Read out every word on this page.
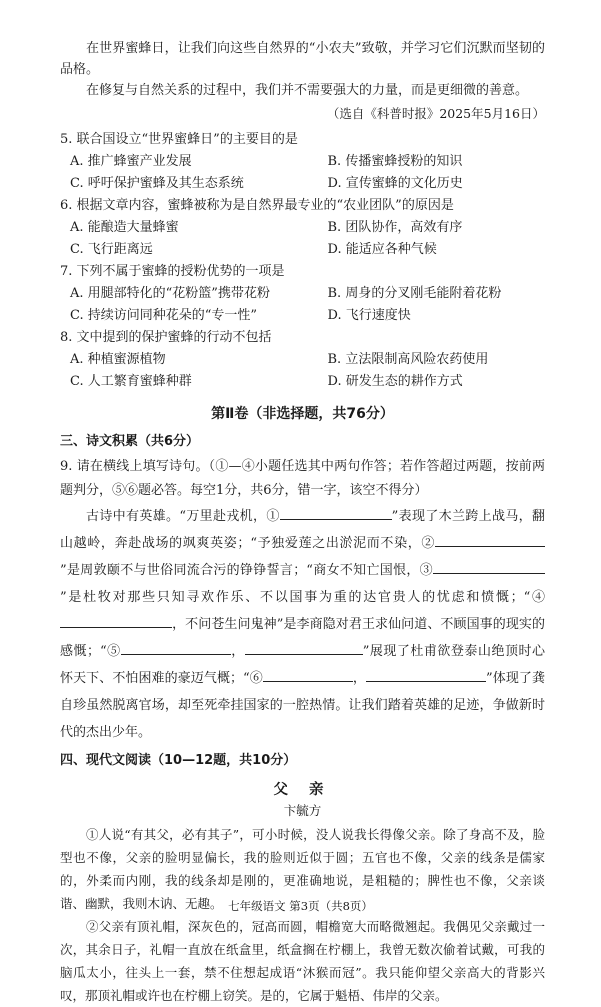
在世界蜜蜂日，让我们向这些自然界的“小农夫”致敬，并学习它们沉默而坚韧的品格。

在修复与自然关系的过程中，我们并不需要强大的力量，而是更细微的善意。

（选自《科普时报》2025年5月16日）

5. 联合国设立“世界蜜蜂日”的主要目的是

A. 推广蜂蜜产业发展	B. 传播蜜蜂授粉的知识
C. 呼吁保护蜜蜂及其生态系统	D. 宣传蜜蜂的文化历史

6. 根据文章内容，蜜蜂被称为是自然界最专业的“农业团队”的原因是

A. 能酿造大量蜂蜜	B. 团队协作，高效有序
C. 飞行距离远	D. 能适应各种气候

7. 下列不属于蜜蜂的授粉优势的一项是

A. 用腿部特化的“花粉篮”携带花粉	B. 周身的分叉刚毛能附着花粉
C. 持续访问同种花朵的“专一性”	D. 飞行速度快

8. 文中提到的保护蜜蜂的行动不包括

A. 种植蜜源植物	B. 立法限制高风险农药使用
C. 人工繁育蜜蜂种群	D. 研发生态的耕作方式
第Ⅱ卷（非选择题，共76分）
三、诗文积累（共6分）

9. 请在横线上填写诗句。（①—④小题任选其中两句作答；若作答超过两题，按前两题判分，⑤⑥题必答。每空1分，共6分，错一字，该空不得分）

古诗中有英雄。“万里赴戎机，①	”表现了木兰跨上战马，翻山越岭，奔赴战场的飒爽英姿；“予独爱莲之出淤泥而不染，②”是周敦颐不与世俗同流合污的铮铮誓言；“商女不知亡国恨，③”是杜牧对那些只知寻欢作乐、不以国事为重的达官贵人的忧虑和愤慨；“④，不问苍生问鬼神”是李商隐对君王求仙问道、不顾国事的现实的感慨；“⑤	，	”展现了杜甫欲登泰山绝顶时心怀天下、不怕困难的豪迈气概；“⑥	，	”体现了龚自珍虽然脱离官场，却至死牵挂国家的一腔热情。让我们踏着英雄的足迹，争做新时代的杰出少年。

四、现代文阅读（10—12题，共10分）
父 亲
卞毓方

①人说“有其父，必有其子”，可小时候，没人说我长得像父亲。除了身高不及，脸型也不像，父亲的脸明显偏长，我的脸则近似于圆；五官也不像，父亲的线条是儒家的，外柔而内刚，我的线条却是刚的，更准确地说，是粗糙的；脾性也不像，父亲谈谐、幽默，我则木讷、无趣。

②父亲有顶礼帽，深灰色的，冠高而圆，帽檐宽大而略微翘起。我偶见父亲戴过一次，其余日子，礼帽一直放在纸盒里，纸盒搁在柠棚上，我曾无数次偷着试戴，可我的脑瓜太小，往头上一套，禁不住想起成语“沐猴而冠”。我只能仰望父亲高大的背影兴叹，那顶礼帽或许也在柠棚上窃笑。是的，它属于魁梧、伟岸的父亲。

七年级语文 第3页（共8页）
